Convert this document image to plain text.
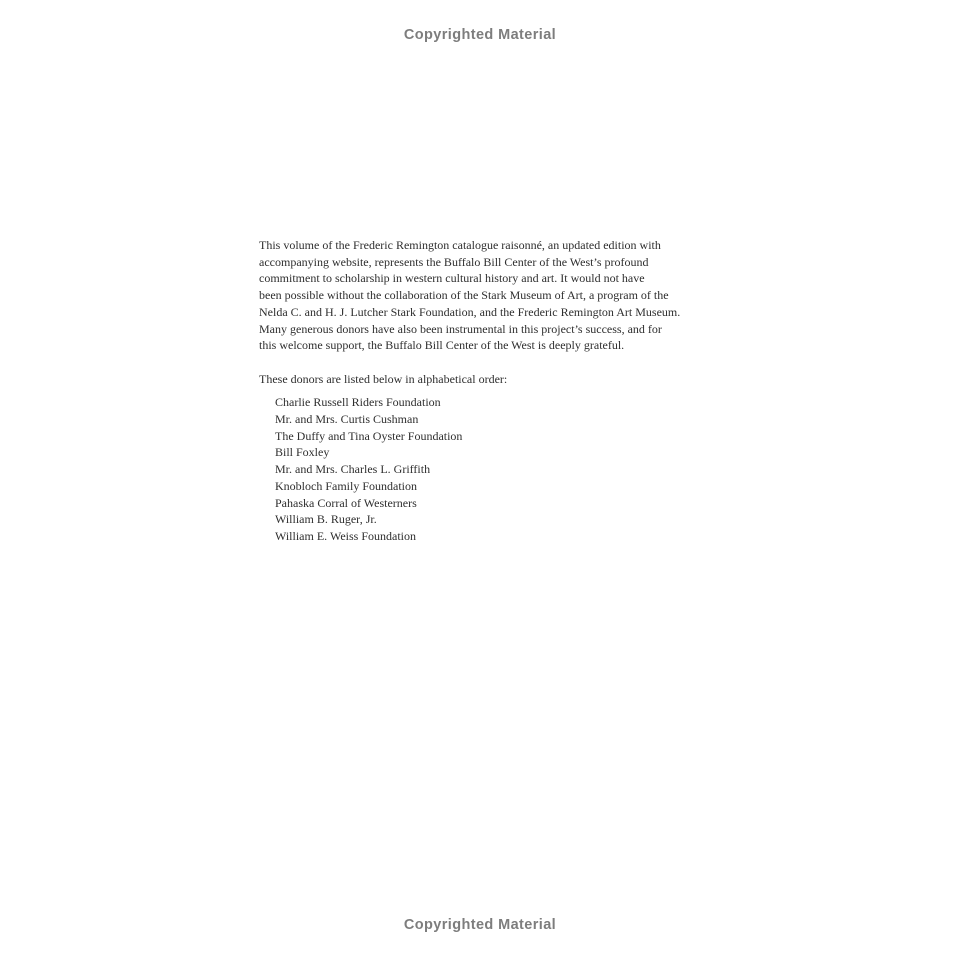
Copyrighted Material
This volume of the Frederic Remington catalogue raisonné, an updated edition with
accompanying website, represents the Buffalo Bill Center of the West’s profound
commitment to scholarship in western cultural history and art. It would not have
been possible without the collaboration of the Stark Museum of Art, a program of the
Nelda C. and H. J. Lutcher Stark Foundation, and the Frederic Remington Art Museum.
Many generous donors have also been instrumental in this project’s success, and for
this welcome support, the Buffalo Bill Center of the West is deeply grateful.
These donors are listed below in alphabetical order:
Charlie Russell Riders Foundation
Mr. and Mrs. Curtis Cushman
The Duffy and Tina Oyster Foundation
Bill Foxley
Mr. and Mrs. Charles L. Griffith
Knobloch Family Foundation
Pahaska Corral of Westerners
William B. Ruger, Jr.
William E. Weiss Foundation
Copyrighted Material
